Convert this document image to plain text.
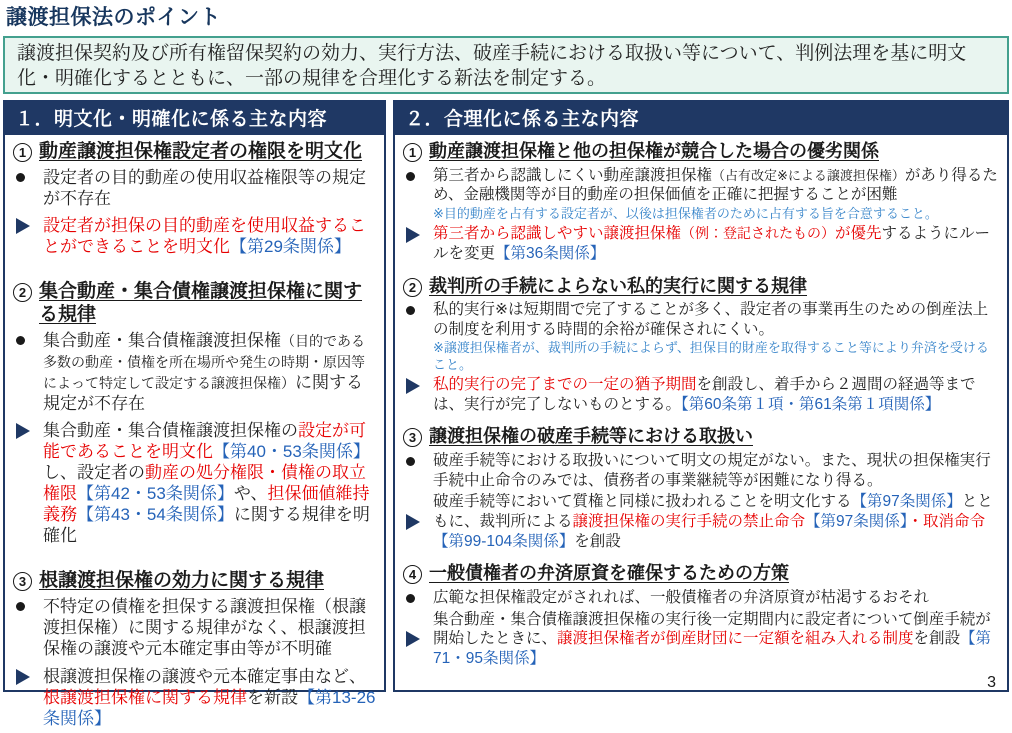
譲渡担保法のポイント
譲渡担保契約及び所有権留保契約の効力、実行方法、破産手続における取扱い等について、判例法理を基に明文化・明確化するとともに、一部の規律を合理化する新法を制定する。
１．明文化・明確化に係る主な内容
1 動産譲渡担保権設定者の権限を明文化
設定者の目的動産の使用収益権限等の規定が不存在
設定者が担保の目的動産を使用収益することができることを明文化【第29条関係】
2 集合動産・集合債権譲渡担保権に関する規律
集合動産・集合債権譲渡担保権（目的である多数の動産・債権を所在場所や発生の時期・原因等によって特定して設定する譲渡担保権）に関する規定が不存在
集合動産・集合債権譲渡担保権の設定が可能であることを明文化【第40・53条関係】し、設定者の動産の処分権限・債権の取立権限【第42・53条関係】や、担保価値維持義務【第43・54条関係】に関する規律を明確化
3 根譲渡担保権の効力に関する規律
不特定の債権を担保する譲渡担保権（根譲渡担保権）に関する規律がなく、根譲渡担保権の譲渡や元本確定事由等が不明確
根譲渡担保権の譲渡や元本確定事由など、根譲渡担保権に関する規律を新設【第13-26条関係】
２．合理化に係る主な内容
1 動産譲渡担保権と他の担保権が競合した場合の優劣関係
第三者から認識しにくい動産譲渡担保権（占有改定※による譲渡担保権）があり得るため、金融機関等が目的動産の担保価値を正確に把握することが困難
※目的動産を占有する設定者が、以後は担保権者のために占有する旨を合意すること。
第三者から認識しやすい譲渡担保権（例：登記されたもの）が優先するようにルールを変更【第36条関係】
2 裁判所の手続によらない私的実行に関する規律
私的実行※は短期間で完了することが多く、設定者の事業再生のための倒産法上の制度を利用する時間的余裕が確保されにくい。
※譲渡担保権者が、裁判所の手続によらず、担保目的財産を取得すること等により弁済を受けること。
私的実行の完了までの一定の猶予期間を創設し、着手から２週間の経過等までは、実行が完了しないものとする。【第60条第１項・第61条第１項関係】
3 譲渡担保権の破産手続等における取扱い
破産手続等における取扱いについて明文の規定がない。また、現状の担保権実行手続中止命令のみでは、債務者の事業継続等が困難になり得る。
破産手続等において質権と同様に扱われることを明文化する【第97条関係】とともに、裁判所による譲渡担保権の実行手続の禁止命令【第97条関係】・取消命令【第99-104条関係】を創設
4 一般債権者の弁済原資を確保するための方策
広範な担保権設定がされれば、一般債権者の弁済原資が枯渇するおそれ
集合動産・集合債権譲渡担保権の実行後一定期間内に設定者について倒産手続が開始したときに、譲渡担保権者が倒産財団に一定額を組み入れる制度を創設【第71・95条関係】
3
